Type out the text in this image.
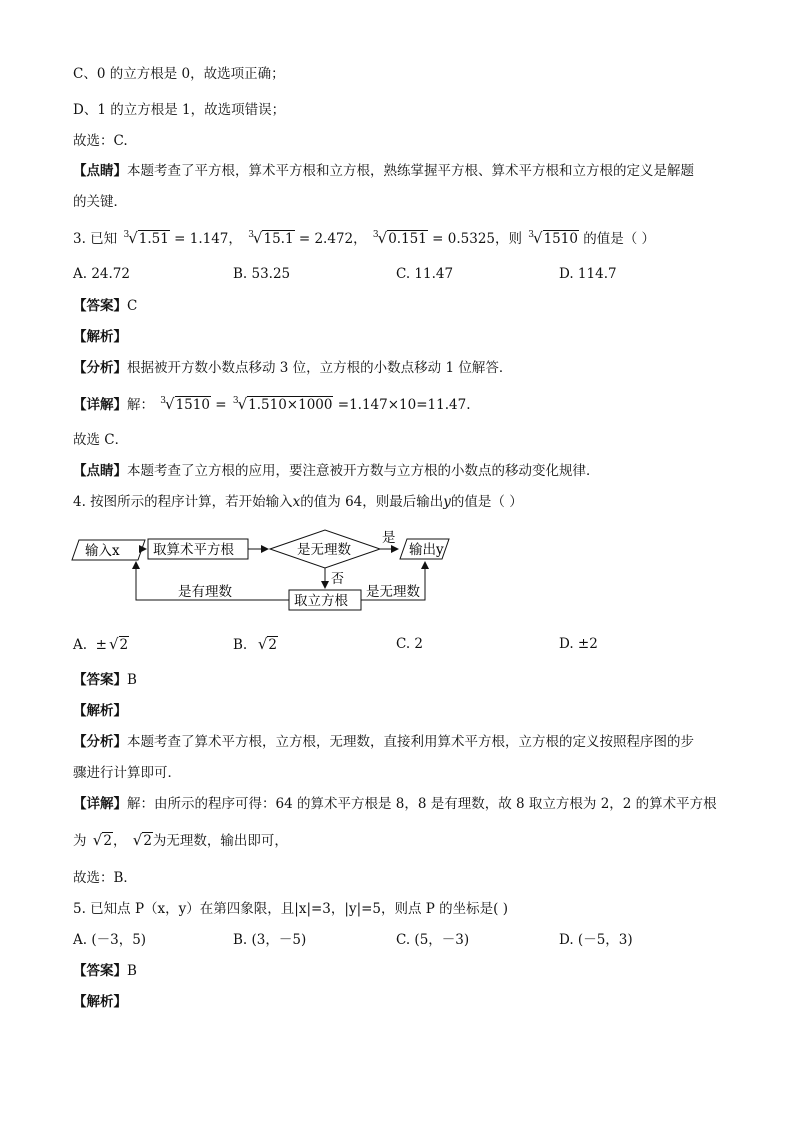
C、0 的立方根是 0，故选项正确；
D、1 的立方根是 1，故选项错误；
故选：C.
【点睛】本题考查了平方根，算术平方根和立方根，熟练掌握平方根、算术平方根和立方根的定义是解题
的关键．
3. 已知 $^3$√1.51 = 1.147， $^3$√15.1 = 2.472， $^3$√0.151 = 0.5325，则 $^3$√1510 的值是（ ）
A. 24.72	B. 53.25	C. 11.47	D. 114.7
【答案】C
【解析】
【分析】根据被开方数小数点移动 3 位，立方根的小数点移动 1 位解答．
【详解】解： $^3$√1510 = $^3$√1.510×1000 =1.147×10=11.47.
故选 C．
【点睛】本题考查了立方根的应用，要注意被开方数与立方根的小数点的移动变化规律．
4. 按图所示的程序计算，若开始输入x的值为 64，则最后输出y的值是（ ）
输入x 取算术平方根	是无理数
是
输出y
否
取立方根
是无理数
是有理数
A. ± √2	B. √2	C. 2	D. ±2
【答案】B
【解析】
【分析】本题考查了算术平方根，立方根，无理数，直接利用算术平方根，立方根的定义按照程序图的步
骤进行计算即可．
【详解】解：由所示的程序可得：64 的算术平方根是 8，8 是有理数，故 8 取立方根为 2，2 的算术平方根
为 √2， √2为无理数，输出即可，
故选：B．
5. 已知点 P（x，y）在第四象限，且|x|=3，|y|=5，则点 P 的坐标是( )
A. (－3，5)	B. (3，－5)	C. (5，－3)	D. (－5，3)
【答案】B
【解析】
